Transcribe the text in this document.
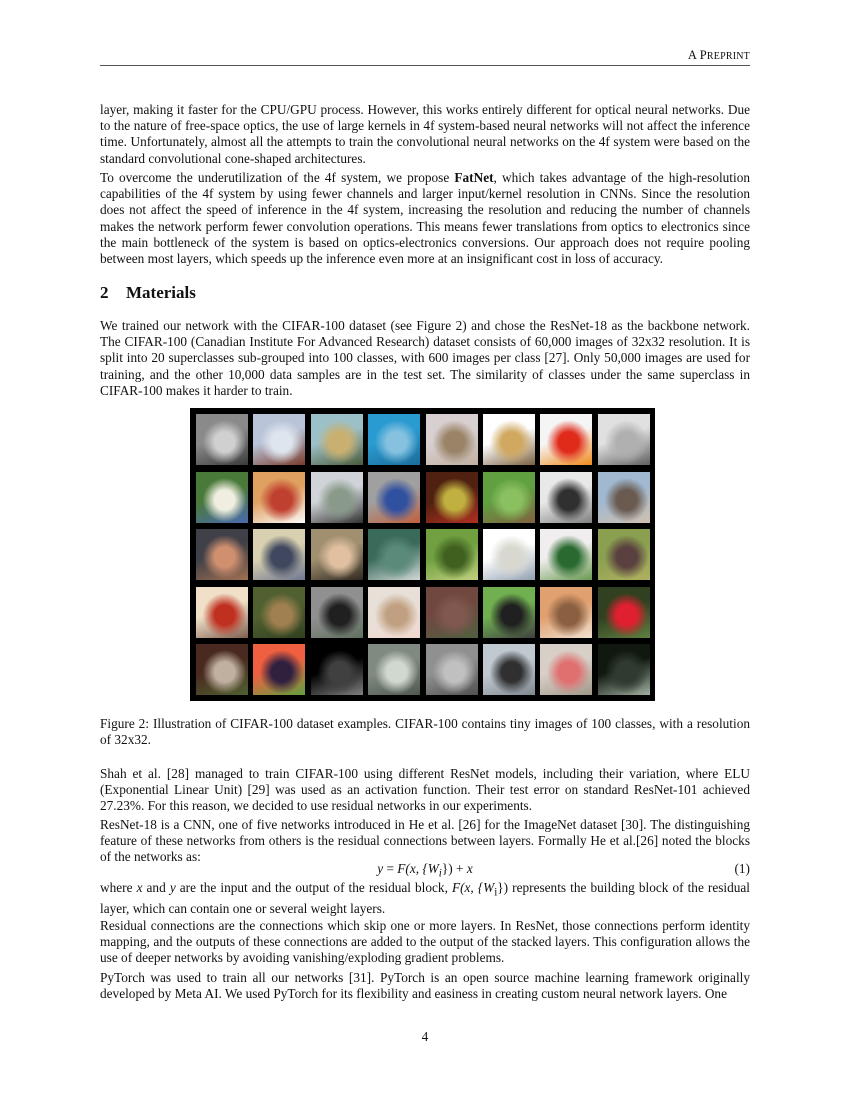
A PREPRINT

layer, making it faster for the CPU/GPU process. However, this works entirely different for optical neural networks. Due to the nature of free-space optics, the use of large kernels in 4f system-based neural networks will not affect the inference time. Unfortunately, almost all the attempts to train the convolutional neural networks on the 4f system were based on the standard convolutional cone-shaped architectures.

To overcome the underutilization of the 4f system, we propose FatNet, which takes advantage of the high-resolution capabilities of the 4f system by using fewer channels and larger input/kernel resolution in CNNs. Since the resolution does not affect the speed of inference in the 4f system, increasing the resolution and reducing the number of channels makes the network perform fewer convolution operations. This means fewer translations from optics to electronics since the main bottleneck of the system is based on optics-electronics conversions. Our approach does not require pooling between most layers, which speeds up the inference even more at an insignificant cost in loss of accuracy.

2 Materials

We trained our network with the CIFAR-100 dataset (see Figure 2) and chose the ResNet-18 as the backbone network. The CIFAR-100 (Canadian Institute For Advanced Research) dataset consists of 60,000 images of 32x32 resolution. It is split into 20 superclasses sub-grouped into 100 classes, with 600 images per class [27]. Only 50,000 images are used for training, and the other 10,000 data samples are in the test set. The similarity of classes under the same superclass in CIFAR-100 makes it harder to train.

Figure 2: Illustration of CIFAR-100 dataset examples. CIFAR-100 contains tiny images of 100 classes, with a resolution of 32x32.

Shah et al. [28] managed to train CIFAR-100 using different ResNet models, including their variation, where ELU (Exponential Linear Unit) [29] was used as an activation function. Their test error on standard ResNet-101 achieved 27.23%. For this reason, we decided to use residual networks in our experiments.

ResNet-18 is a CNN, one of five networks introduced in He et al. [26] for the ImageNet dataset [30]. The distinguishing feature of these networks from others is the residual connections between layers. Formally He et al.[26] noted the blocks of the networks as:

y = F(x, $\{W_i\}) + x$	(1)

where x and y are the input and the output of the residual block, F(x, $\{W_i\}$) represents the building block of the residual layer, which can contain one or several weight layers.

Residual connections are the connections which skip one or more layers. In ResNet, those connections perform identity mapping, and the outputs of these connections are added to the output of the stacked layers. This configuration allows the use of deeper networks by avoiding vanishing/exploding gradient problems.

PyTorch was used to train all our networks [31]. PyTorch is an open source machine learning framework originally developed by Meta AI. We used PyTorch for its flexibility and easiness in creating custom neural network layers. One

4
